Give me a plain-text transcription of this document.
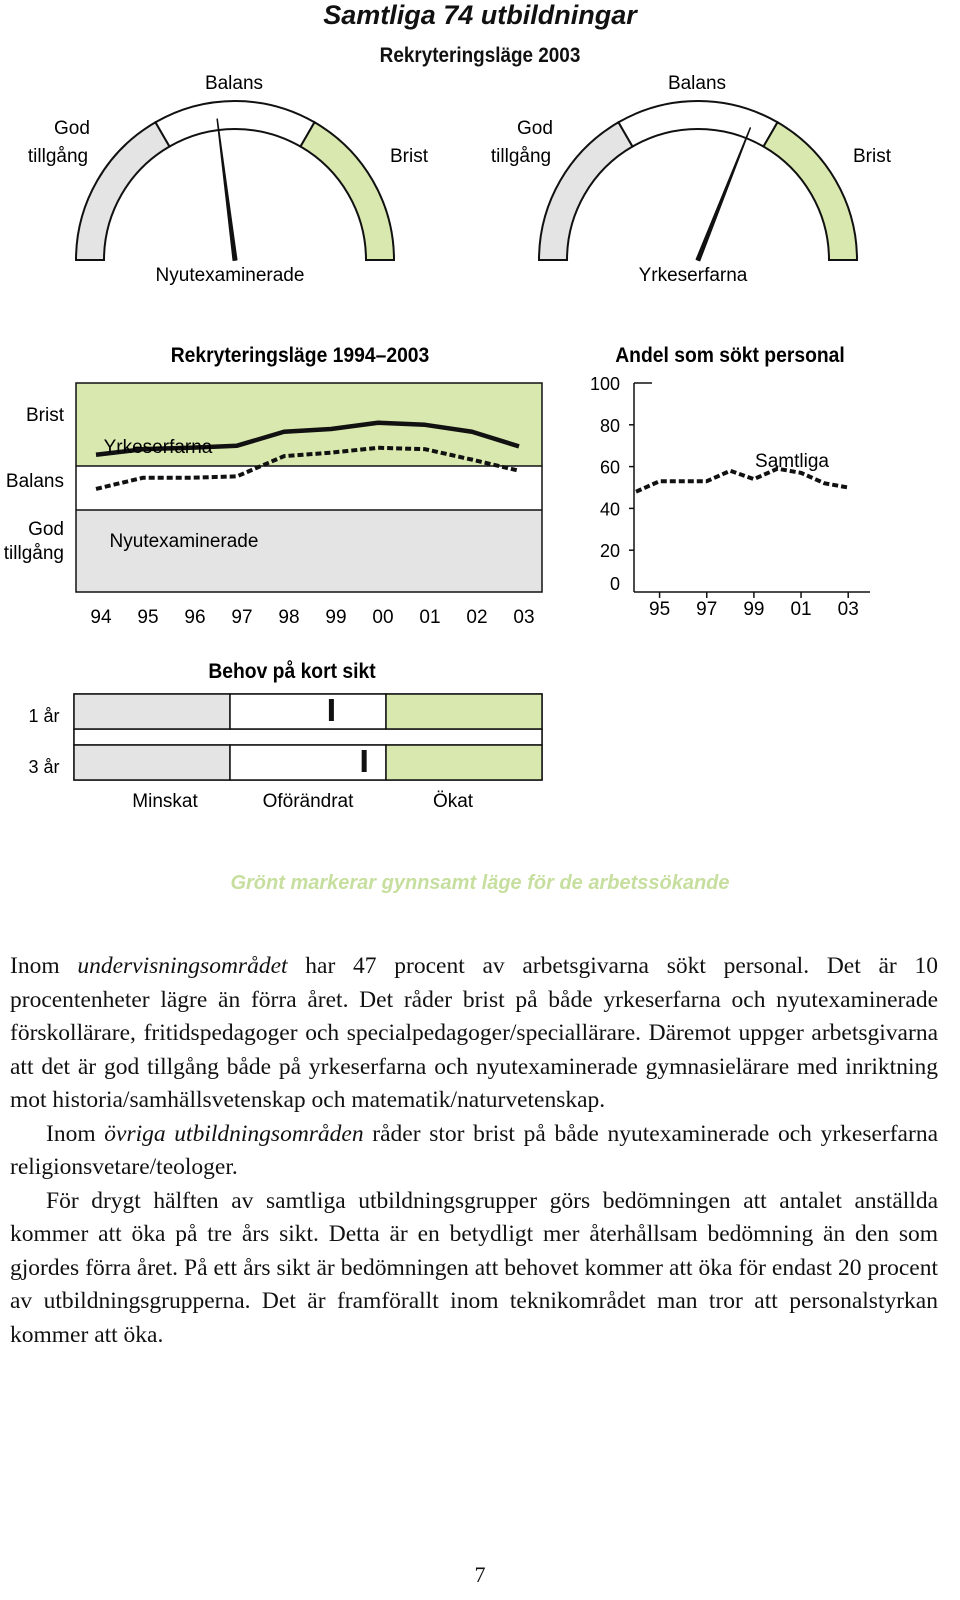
Samtliga 74 utbildningar
Rekryteringsläge 2003
God
tillgång
Balans
Brist
Nyutexaminerade
God
tillgång
Balans
Brist
Yrkeserfarna
Rekryteringsläge 1994–2003
Brist
Balans
God
tillgång
Yrkeserfarna
Nyutexaminerade
94 95 96 97 98 99 00 01 02 03
Andel som sökt personal
0
20
40
60
80
100
95 97 99 01 03
Samtliga
Behov på kort sikt
1 år
3 år
Minskat	Oförändrat	Ökat
Grönt markerar gynnsamt läge för de arbetssökande

Inom undervisningsområdet har 47 procent av arbetsgivarna sökt personal. Det är 10 procentenheter lägre än förra året. Det råder brist på både yrkeserfarna och nyutexaminerade förskollärare, fritidspedagoger och specialpedagoger/speciallärare. Däremot uppger arbetsgivarna att det är god tillgång både på yrkeserfarna och nyutexaminerade gymnasielärare med inriktning mot historia/samhällsvetenskap och matematik/naturvetenskap.

Inom övriga utbildningsområden råder stor brist på både nyutexaminerade och yrkeserfarna religionsvetare/teologer.

För drygt hälften av samtliga utbildningsgrupper görs bedömningen att antalet anställda kommer att öka på tre års sikt. Detta är en betydligt mer återhållsam bedömning än den som gjordes förra året. På ett års sikt är bedömningen att behovet kommer att öka för endast 20 procent av utbildningsgrupperna. Det är framförallt inom teknikområdet man tror att personalstyrkan kommer att öka.

7
